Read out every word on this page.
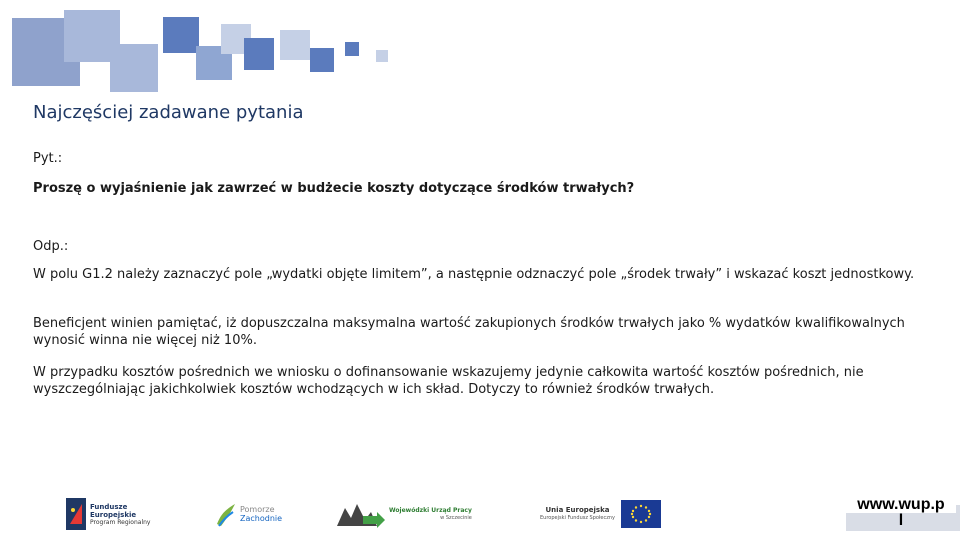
Najczęściej zadawane pytania
Pyt.:
Proszę o wyjaśnienie jak zawrzeć w budżecie koszty dotyczące środków trwałych?
Odp.:
W polu G1.2 należy zaznaczyć pole „wydatki objęte limitem”, a następnie odznaczyć pole „środek trwały” i wskazać koszt jednostkowy.
Beneficjent winien pamiętać, iż dopuszczalna maksymalna wartość zakupionych środków trwałych jako % wydatków kwalifikowalnych wynosić winna nie więcej niż 10%.
W przypadku kosztów pośrednich we wniosku o dofinansowanie wskazujemy jedynie całkowita wartość kosztów pośrednich, nie wyszczególniając jakichkolwiek kosztów wchodzących w ich skład. Dotyczy to również środków trwałych.
Fundusze
Europejskie
Program Regionalny
Pomorze
Zachodnie
Wojewódzki Urząd Pracy
w Szczecinie
Unia Europejska
Europejski Fundusz Społeczny
www.wup.p
l
